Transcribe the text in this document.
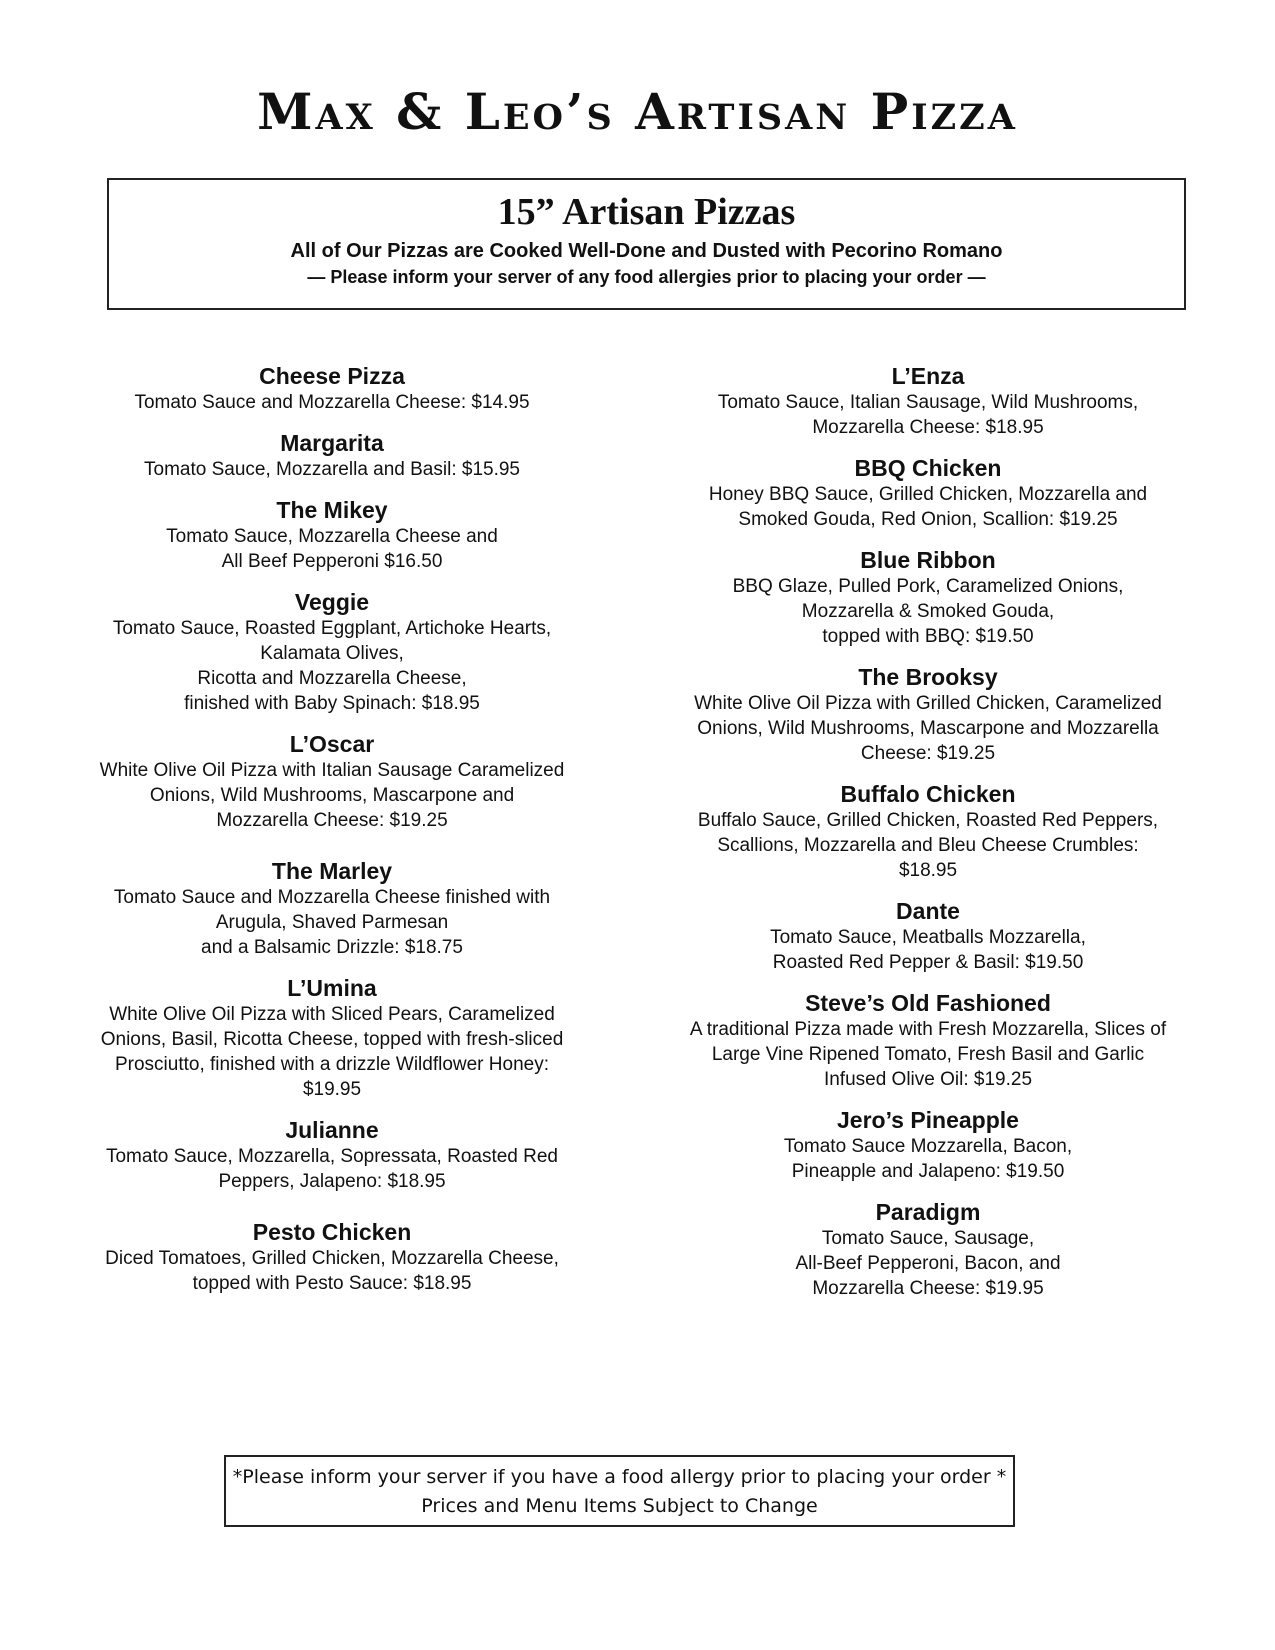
Max & Leo’s Artisan Pizza
15” Artisan Pizzas
All of Our Pizzas are Cooked Well-Done and Dusted with Pecorino Romano
— Please inform your server of any food allergies prior to placing your order —
Cheese Pizza
Tomato Sauce and Mozzarella Cheese: $14.95
Margarita
Tomato Sauce, Mozzarella and Basil: $15.95
The Mikey
Tomato Sauce, Mozzarella Cheese and
All Beef Pepperoni $16.50
Veggie
Tomato Sauce, Roasted Eggplant, Artichoke Hearts,
Kalamata Olives,
Ricotta and Mozzarella Cheese,
finished with Baby Spinach: $18.95
L’Oscar
White Olive Oil Pizza with Italian Sausage Caramelized
Onions, Wild Mushrooms, Mascarpone and
Mozzarella Cheese: $19.25
The Marley
Tomato Sauce and Mozzarella Cheese finished with
Arugula, Shaved Parmesan
and a Balsamic Drizzle: $18.75
L’Umina
White Olive Oil Pizza with Sliced Pears, Caramelized
Onions, Basil, Ricotta Cheese, topped with fresh-sliced
Prosciutto, finished with a drizzle Wildflower Honey:
$19.95
Julianne
Tomato Sauce, Mozzarella, Sopressata, Roasted Red
Peppers, Jalapeno: $18.95
Pesto Chicken
Diced Tomatoes, Grilled Chicken, Mozzarella Cheese,
topped with Pesto Sauce: $18.95
L’Enza
Tomato Sauce, Italian Sausage, Wild Mushrooms,
Mozzarella Cheese: $18.95
BBQ Chicken
Honey BBQ Sauce, Grilled Chicken, Mozzarella and
Smoked Gouda, Red Onion, Scallion: $19.25
Blue Ribbon
BBQ Glaze, Pulled Pork, Caramelized Onions,
Mozzarella & Smoked Gouda,
topped with BBQ: $19.50
The Brooksy
White Olive Oil Pizza with Grilled Chicken, Caramelized
Onions, Wild Mushrooms, Mascarpone and Mozzarella
Cheese: $19.25
Buffalo Chicken
Buffalo Sauce, Grilled Chicken, Roasted Red Peppers,
Scallions, Mozzarella and Bleu Cheese Crumbles:
$18.95
Dante
Tomato Sauce, Meatballs Mozzarella,
Roasted Red Pepper & Basil: $19.50
Steve’s Old Fashioned
A traditional Pizza made with Fresh Mozzarella, Slices of
Large Vine Ripened Tomato, Fresh Basil and Garlic
Infused Olive Oil: $19.25
Jero’s Pineapple
Tomato Sauce Mozzarella, Bacon,
Pineapple and Jalapeno: $19.50
Paradigm
Tomato Sauce, Sausage,
All-Beef Pepperoni, Bacon, and
Mozzarella Cheese: $19.95
*Please inform your server if you have a food allergy prior to placing your order *
Prices and Menu Items Subject to Change
